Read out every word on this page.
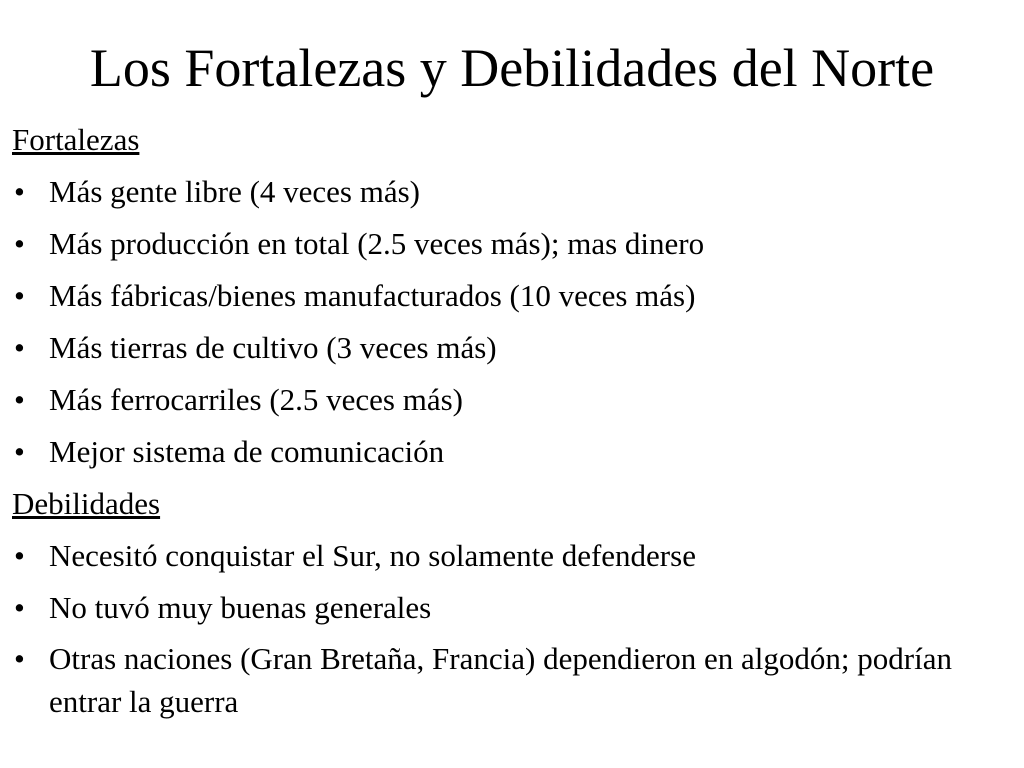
Los Fortalezas y Debilidades del Norte
Fortalezas
• Más gente libre (4 veces más)
• Más producción en total (2.5 veces más); mas dinero
• Más fábricas/bienes manufacturados (10 veces más)
• Más tierras de cultivo (3 veces más)
• Más ferrocarriles (2.5 veces más)
• Mejor sistema de comunicación
Debilidades
• Necesitó conquistar el Sur, no solamente defenderse
• No tuvó muy buenas generales
• Otras naciones (Gran Bretaña, Francia) dependieron en algodón; podrían entrar la guerra
